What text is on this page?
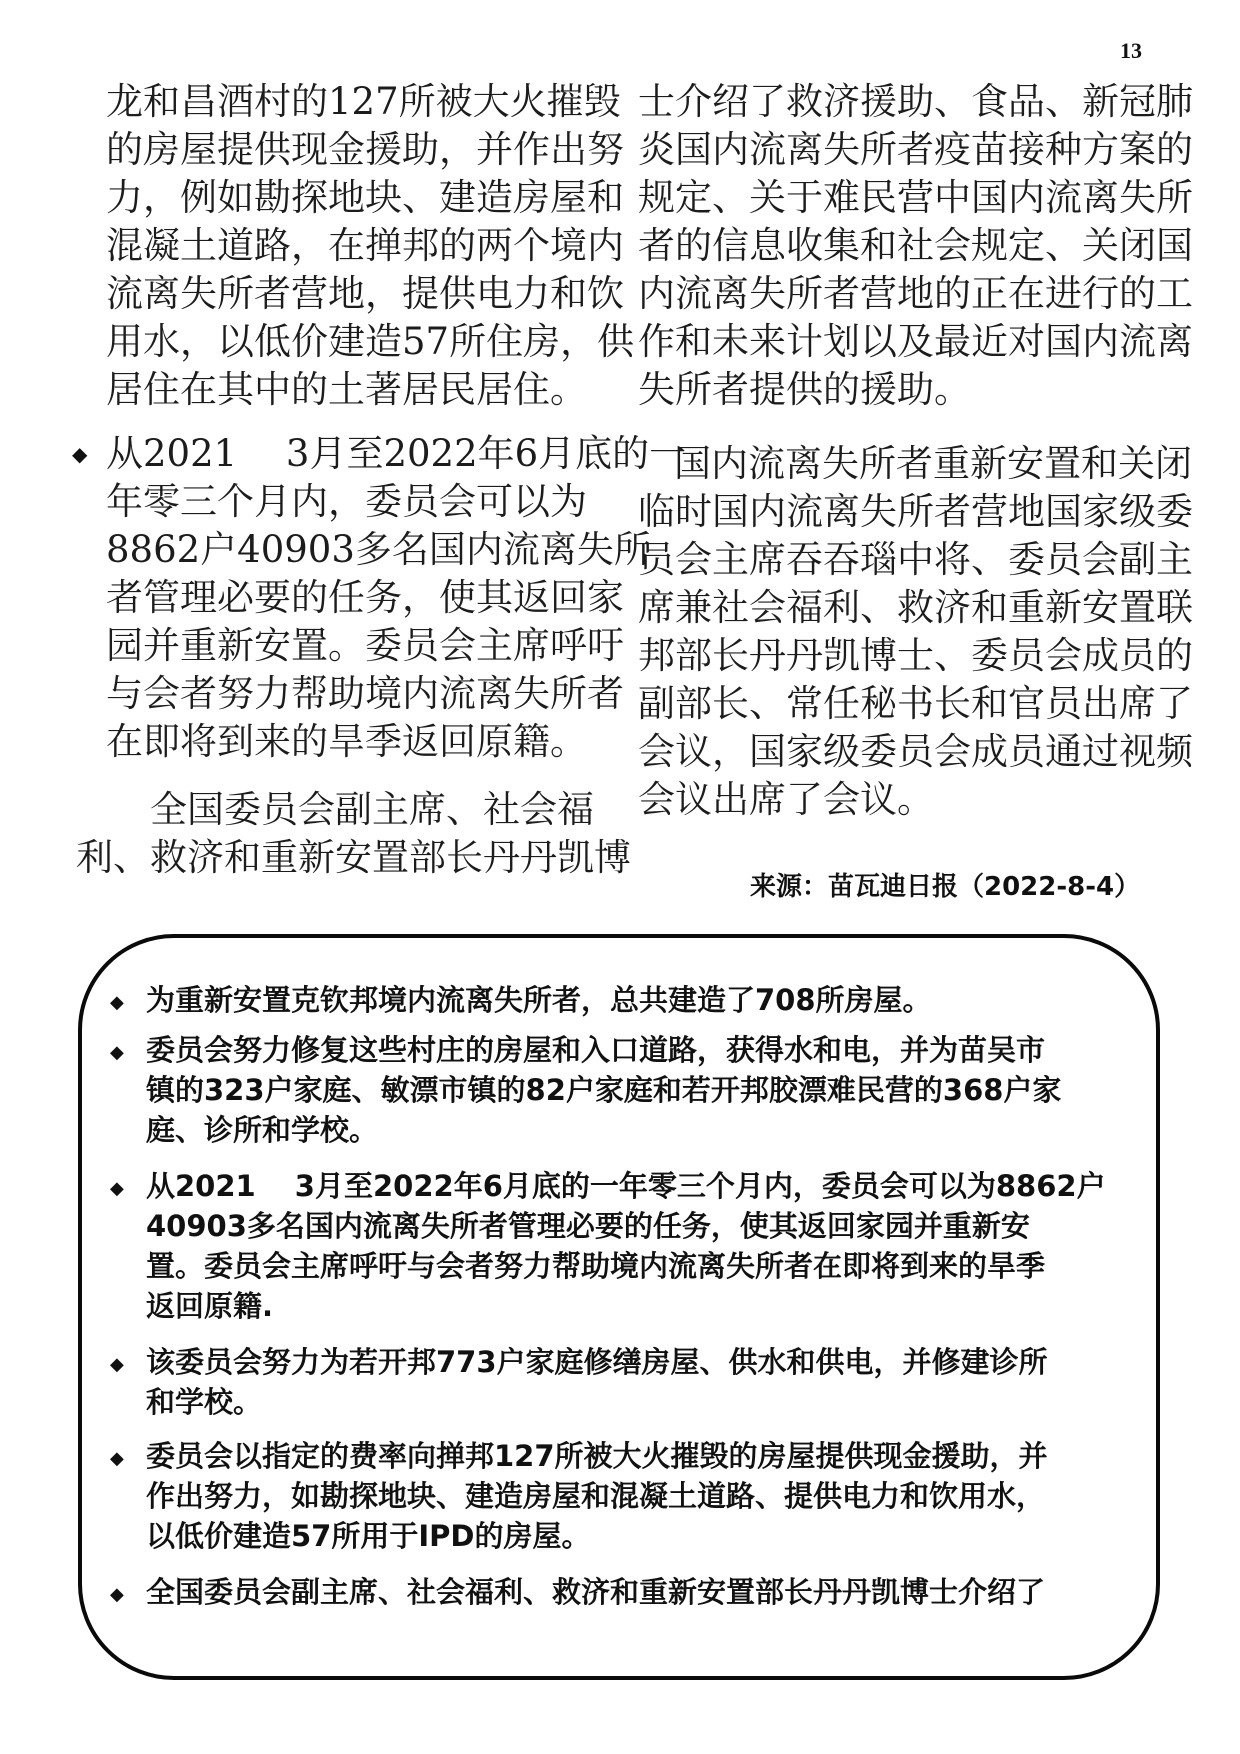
13
龙和昌酒村的127所被大火摧毁
的房屋提供现金援助，并作出努
力，例如勘探地块、建造房屋和
混凝土道路，在掸邦的两个境内
流离失所者营地，提供电力和饮
用水，以低价建造57所住房，供
居住在其中的土著居民居住。
◆ 从2021　 3月至2022年6月底的一
年零三个月内，委员会可以为
8862户40903多名国内流离失所
者管理必要的任务，使其返回家
园并重新安置。委员会主席呼吁
与会者努力帮助境内流离失所者
在即将到来的旱季返回原籍。
全国委员会副主席、社会福
利、救济和重新安置部长丹丹凯博
士介绍了救济援助、食品、新冠肺
炎国内流离失所者疫苗接种方案的
规定、关于难民营中国内流离失所
者的信息收集和社会规定、关闭国
内流离失所者营地的正在进行的工
作和未来计划以及最近对国内流离
失所者提供的援助。
国内流离失所者重新安置和关闭
临时国内流离失所者营地国家级委
员会主席吞吞瑙中将、委员会副主
席兼社会福利、救济和重新安置联
邦部长丹丹凯博士、委员会成员的
副部长、常任秘书长和官员出席了
会议，国家级委员会成员通过视频
会议出席了会议。
来源：苗瓦迪日报（2022-8-4）
◆ 为重新安置克钦邦境内流离失所者，总共建造了708所房屋。
◆ 委员会努力修复这些村庄的房屋和入口道路，获得水和电，并为苗吴市
镇的323户家庭、敏漂市镇的82户家庭和若开邦胶漂难民营的368户家
庭、诊所和学校。
◆ 从2021　 3月至2022年6月底的一年零三个月内，委员会可以为8862户
40903多名国内流离失所者管理必要的任务，使其返回家园并重新安
置。委员会主席呼吁与会者努力帮助境内流离失所者在即将到来的旱季
返回原籍.
◆ 该委员会努力为若开邦773户家庭修缮房屋、供水和供电，并修建诊所
和学校。
◆ 委员会以指定的费率向掸邦127所被大火摧毁的房屋提供现金援助，并
作出努力，如勘探地块、建造房屋和混凝土道路、提供电力和饮用水，
以低价建造57所用于IPD的房屋。
◆ 全国委员会副主席、社会福利、救济和重新安置部长丹丹凯博士介绍了
